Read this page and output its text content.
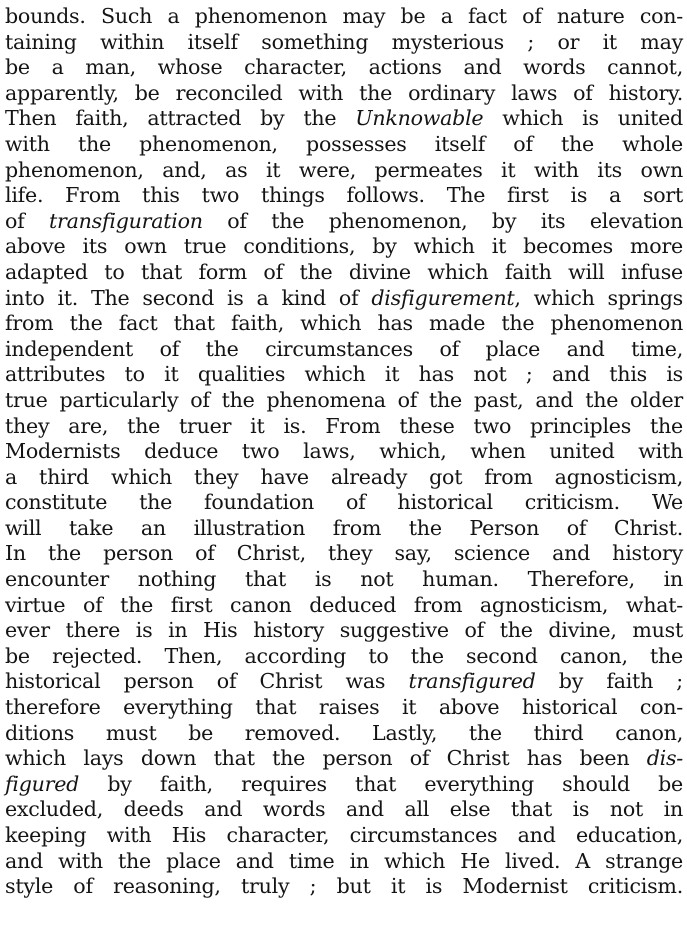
bounds. Such a phenomenon may be a fact of nature con-
taining within itself something mysterious ; or it may
be a man, whose character, actions and words cannot,
apparently, be reconciled with the ordinary laws of history.
Then faith, attracted by the Unknowable which is united
with the phenomenon, possesses itself of the whole
phenomenon, and, as it were, permeates it with its own
life. From this two things follows. The first is a sort
of transfiguration of the phenomenon, by its elevation
above its own true conditions, by which it becomes more
adapted to that form of the divine which faith will infuse
into it. The second is a kind of disfigurement, which springs
from the fact that faith, which has made the phenomenon
independent of the circumstances of place and time,
attributes to it qualities which it has not ; and this is
true particularly of the phenomena of the past, and the older
they are, the truer it is. From these two principles the
Modernists deduce two laws, which, when united with
a third which they have already got from agnosticism,
constitute the foundation of historical criticism. We
will take an illustration from the Person of Christ.
In the person of Christ, they say, science and history
encounter nothing that is not human. Therefore, in
virtue of the first canon deduced from agnosticism, what-
ever there is in His history suggestive of the divine, must
be rejected. Then, according to the second canon, the
historical person of Christ was transfigured by faith ;
therefore everything that raises it above historical con-
ditions must be removed. Lastly, the third canon,
which lays down that the person of Christ has been dis-
figured by faith, requires that everything should be
excluded, deeds and words and all else that is not in
keeping with His character, circumstances and education,
and with the place and time in which He lived. A strange
style of reasoning, truly ; but it is Modernist criticism.
